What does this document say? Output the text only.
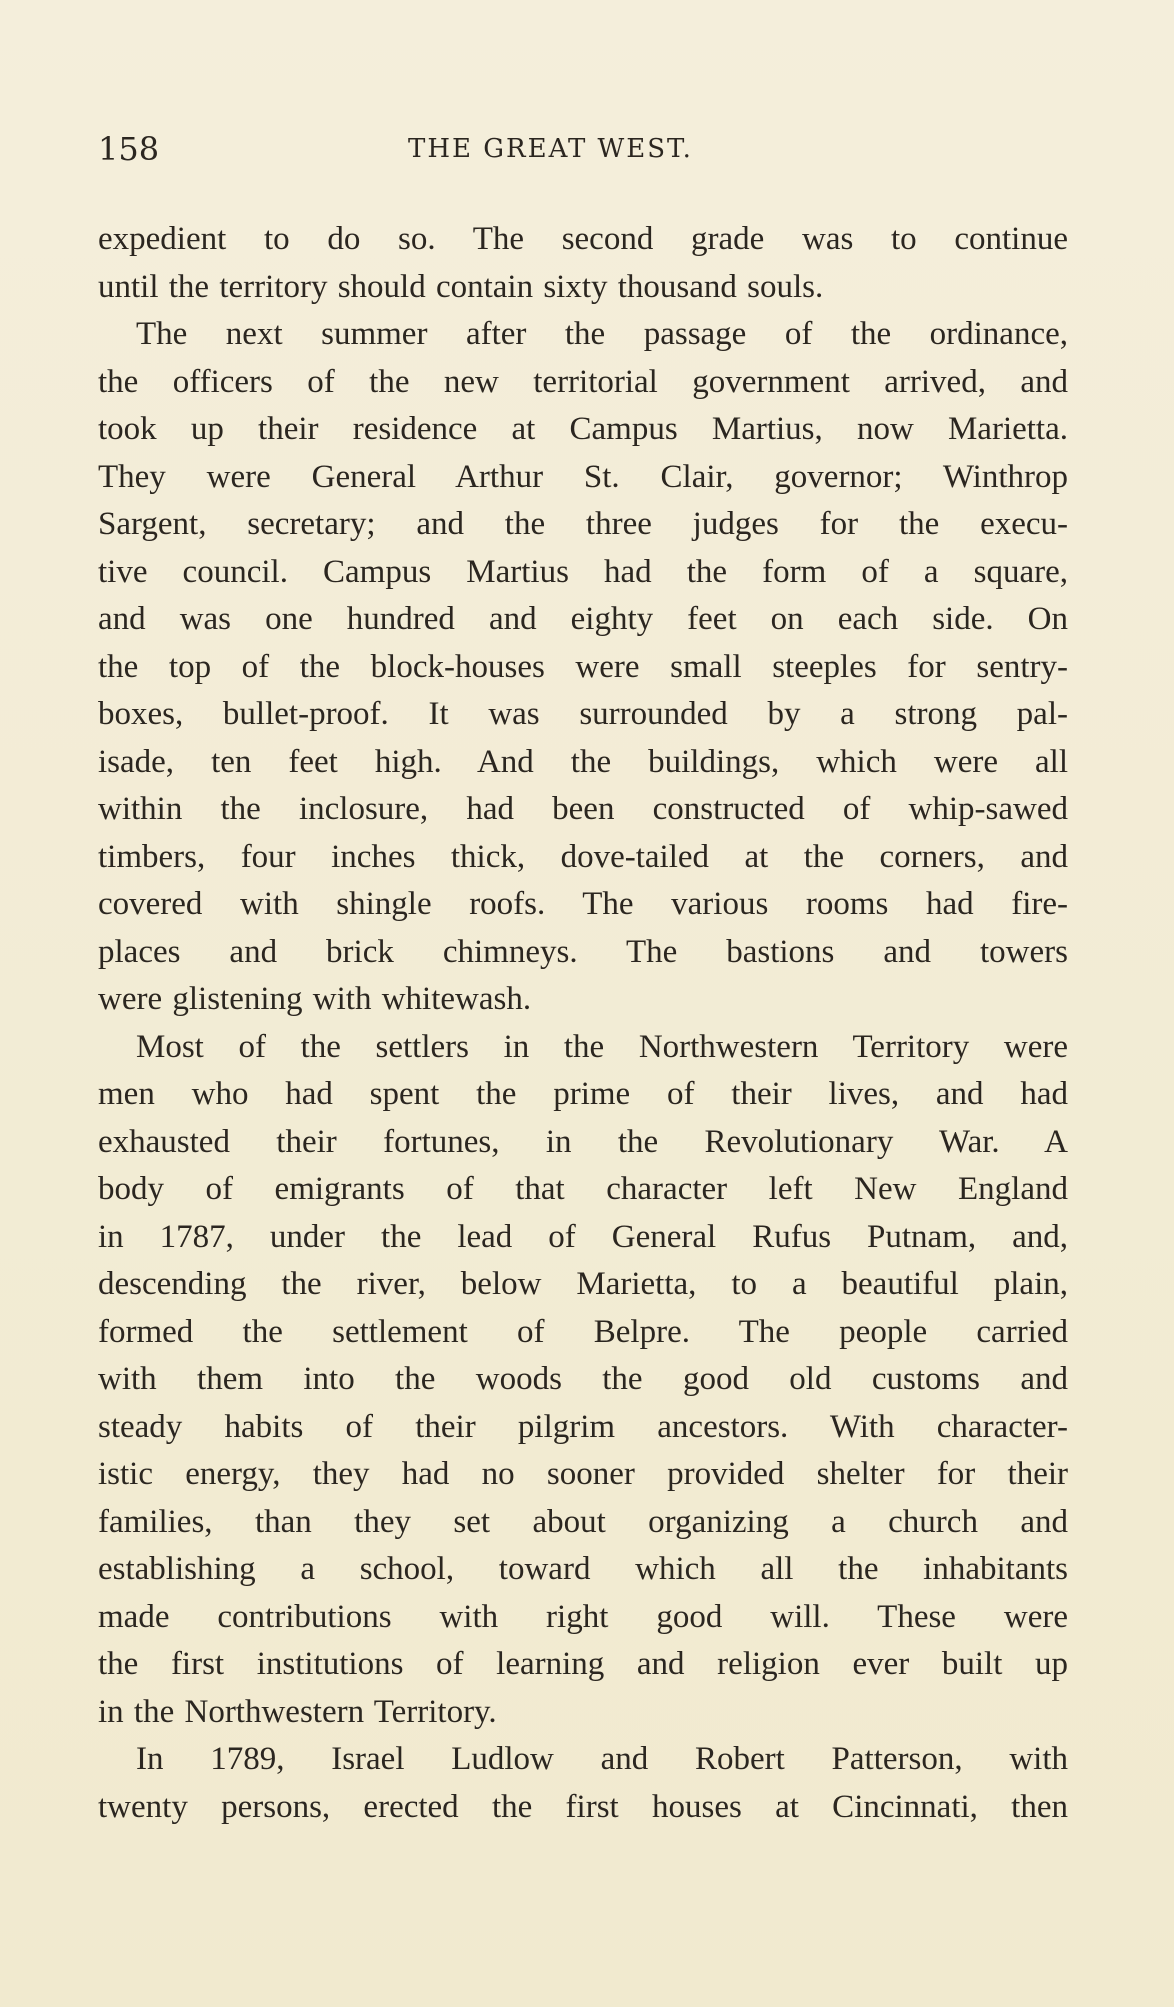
158	THE GREAT WEST.
expedient to do so. The second grade was to continue
until the territory should contain sixty thousand souls.
The next summer after the passage of the ordinance,
the officers of the new territorial government arrived, and
took up their residence at Campus Martius, now Marietta.
They were General Arthur St. Clair, governor; Winthrop
Sargent, secretary; and the three judges for the execu-
tive council. Campus Martius had the form of a square,
and was one hundred and eighty feet on each side. On
the top of the block-houses were small steeples for sentry-
boxes, bullet-proof. It was surrounded by a strong pal-
isade, ten feet high. And the buildings, which were all
within the inclosure, had been constructed of whip-sawed
timbers, four inches thick, dove-tailed at the corners, and
covered with shingle roofs. The various rooms had fire-
places and brick chimneys. The bastions and towers
were glistening with whitewash.
Most of the settlers in the Northwestern Territory were
men who had spent the prime of their lives, and had
exhausted their fortunes, in the Revolutionary War. A
body of emigrants of that character left New England
in 1787, under the lead of General Rufus Putnam, and,
descending the river, below Marietta, to a beautiful plain,
formed the settlement of Belpre. The people carried
with them into the woods the good old customs and
steady habits of their pilgrim ancestors. With character-
istic energy, they had no sooner provided shelter for their
families, than they set about organizing a church and
establishing a school, toward which all the inhabitants
made contributions with right good will. These were
the first institutions of learning and religion ever built up
in the Northwestern Territory.
In 1789, Israel Ludlow and Robert Patterson, with
twenty persons, erected the first houses at Cincinnati, then
